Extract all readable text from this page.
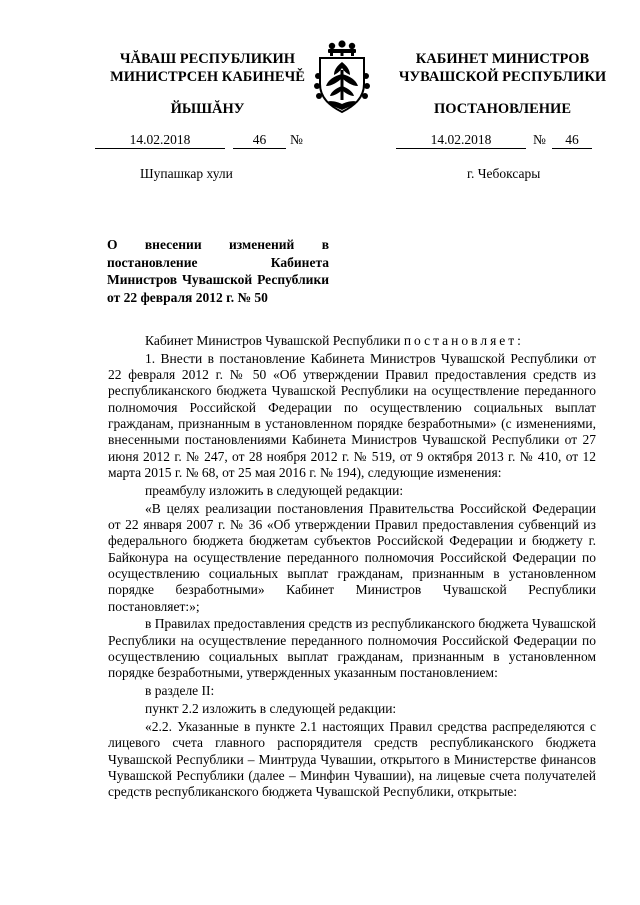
ЧĂВАШ РЕСПУБЛИКИН
МИНИСТРСЕН КАБИНЕЧĚ
КАБИНЕТ МИНИСТРОВ
ЧУВАШСКОЙ РЕСПУБЛИКИ
ЙЫШĂНУ	ПОСТАНОВЛЕНИЕ
14.02.2018	46	№	14.02.2018	№	46
Шупашкар хули	г. Чебоксары
О внесении изменений в постановление Кабинета Министров Чувашской Республики от 22 февраля 2012 г. № 50

Кабинет Министров Чувашской Республики постановляет:

1. Внести в постановление Кабинета Министров Чувашской Республики от 22 февраля 2012 г. № 50 «Об утверждении Правил предоставления средств из республиканского бюджета Чувашской Республики на осуществление переданного полномочия Российской Федерации по осуществлению социальных выплат гражданам, признанным в установленном порядке безработными» (с изменениями, внесенными постановлениями Кабинета Министров Чувашской Республики от 27 июня 2012 г. № 247, от 28 ноября 2012 г. № 519, от 9 октября 2013 г. № 410, от 12 марта 2015 г. № 68, от 25 мая 2016 г. № 194), следующие изменения:

преамбулу изложить в следующей редакции:

«В целях реализации постановления Правительства Российской Федерации от 22 января 2007 г. № 36 «Об утверждении Правил предоставления субвенций из федерального бюджета бюджетам субъектов Российской Федерации и бюджету г. Байконура на осуществление переданного полномочия Российской Федерации по осуществлению социальных выплат гражданам, признанным в установленном порядке безработными» Кабинет Министров Чувашской Республики постановляет:»;

в Правилах предоставления средств из республиканского бюджета Чувашской Республики на осуществление переданного полномочия Российской Федерации по осуществлению социальных выплат гражданам, признанным в установленном порядке безработными, утвержденных указанным постановлением:

в разделе II:

пункт 2.2 изложить в следующей редакции:

«2.2. Указанные в пункте 2.1 настоящих Правил средства распределяются с лицевого счета главного распорядителя средств республиканского бюджета Чувашской Республики – Минтруда Чувашии, открытого в Министерстве финансов Чувашской Республики (далее – Минфин Чувашии), на лицевые счета получателей средств республиканского бюджета Чувашской Республики, открытые:
